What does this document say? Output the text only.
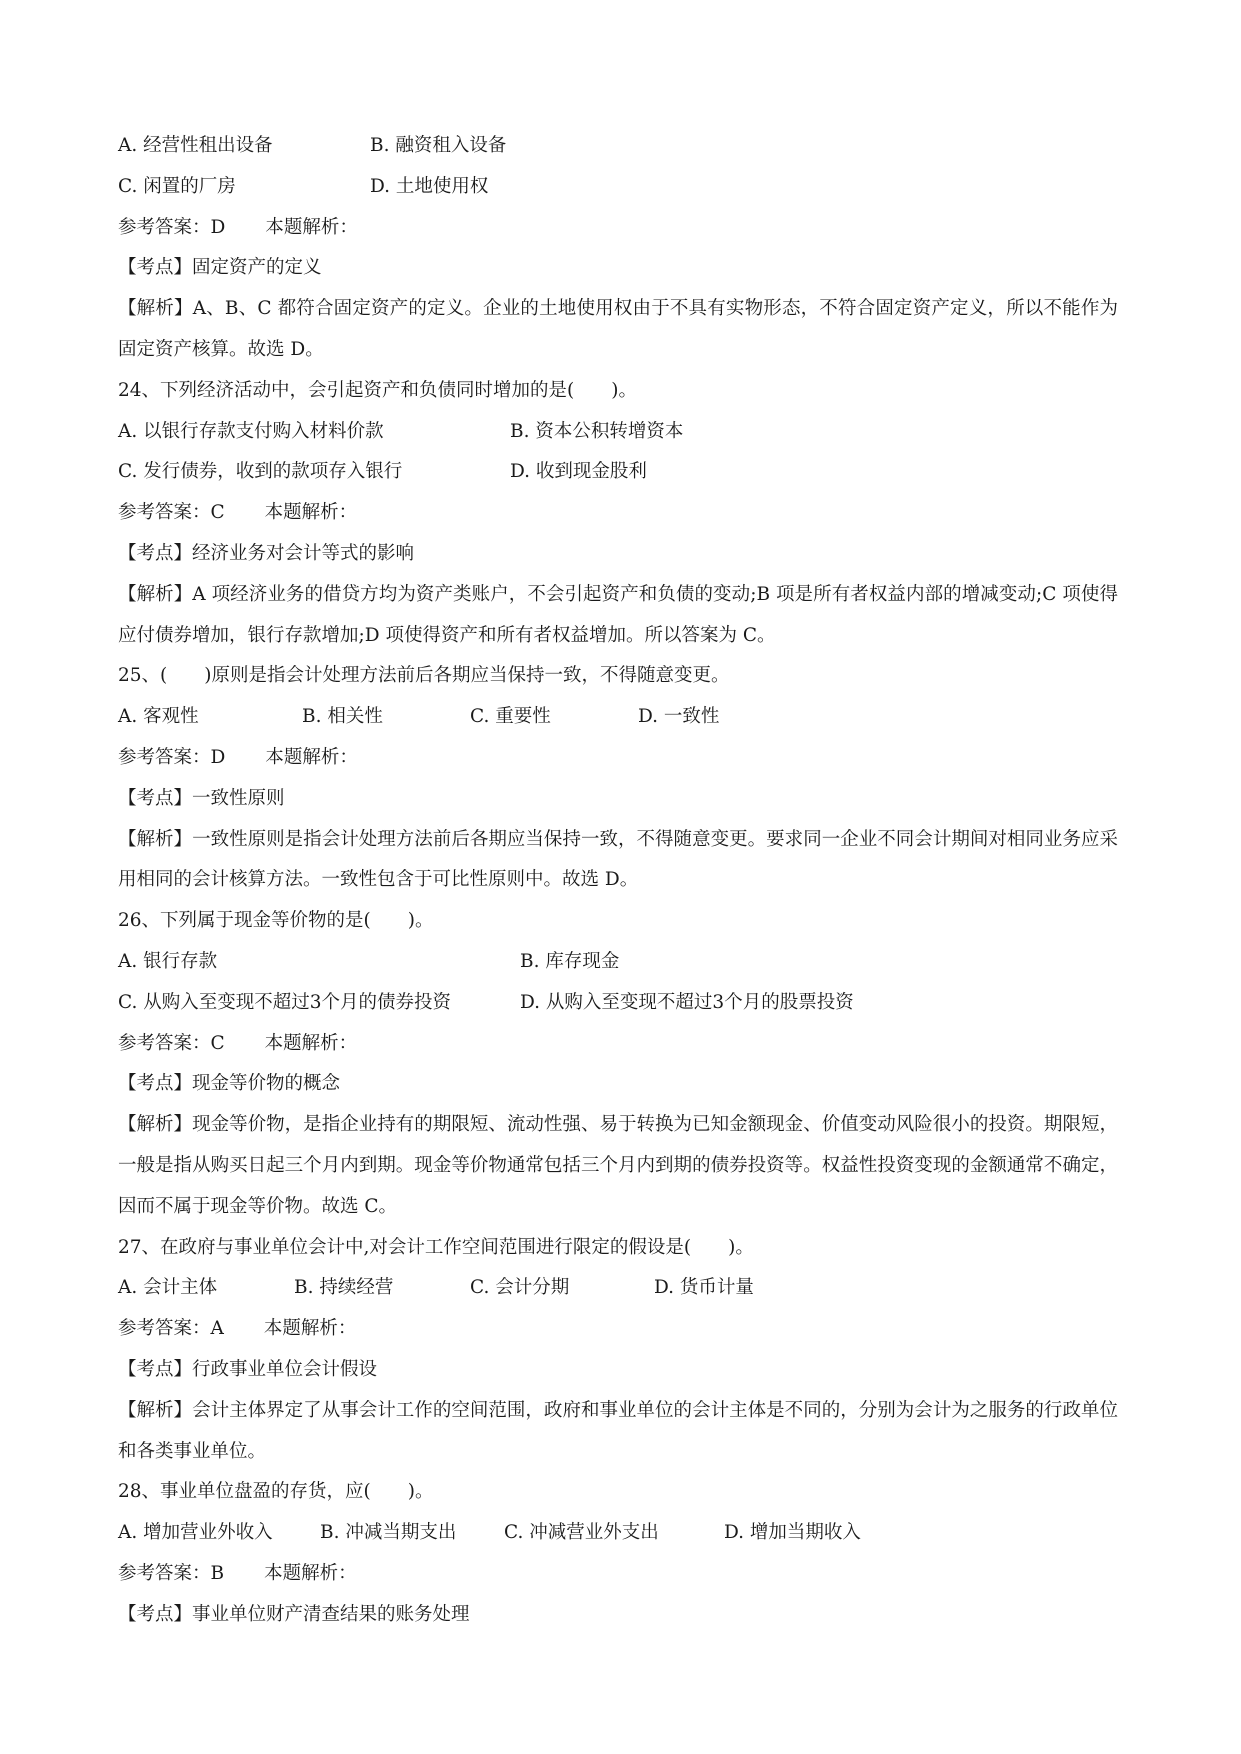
A. 经营性租出设备	B. 融资租入设备
C. 闲置的厂房	D. 土地使用权
参考答案：D 本题解析：
【考点】固定资产的定义
【解析】A、B、C 都符合固定资产的定义。企业的土地使用权由于不具有实物形态，不符合固定资产定义，所以不能作为固定资产核算。故选 D。
24、下列经济活动中，会引起资产和负债同时增加的是(　　)。
A. 以银行存款支付购入材料价款	B. 资本公积转增资本
C. 发行债券，收到的款项存入银行	D. 收到现金股利
参考答案：C 本题解析：
【考点】经济业务对会计等式的影响
【解析】A 项经济业务的借贷方均为资产类账户，不会引起资产和负债的变动;B 项是所有者权益内部的增减变动;C 项使得应付债券增加，银行存款增加;D 项使得资产和所有者权益增加。所以答案为 C。
25、(　　)原则是指会计处理方法前后各期应当保持一致，不得随意变更。
A. 客观性	B. 相关性	C. 重要性	D. 一致性
参考答案：D 本题解析：
【考点】一致性原则
【解析】一致性原则是指会计处理方法前后各期应当保持一致，不得随意变更。要求同一企业不同会计期间对相同业务应采用相同的会计核算方法。一致性包含于可比性原则中。故选 D。
26、下列属于现金等价物的是(　　)。
A. 银行存款	B. 库存现金
C. 从购入至变现不超过3个月的债券投资	D. 从购入至变现不超过3个月的股票投资
参考答案：C 本题解析：
【考点】现金等价物的概念
【解析】现金等价物，是指企业持有的期限短、流动性强、易于转换为已知金额现金、价值变动风险很小的投资。期限短，一般是指从购买日起三个月内到期。现金等价物通常包括三个月内到期的债券投资等。权益性投资变现的金额通常不确定，因而不属于现金等价物。故选 C。
27、在政府与事业单位会计中,对会计工作空间范围进行限定的假设是(　　)。
A. 会计主体	B. 持续经营	C. 会计分期	D. 货币计量
参考答案：A 本题解析：
【考点】行政事业单位会计假设
【解析】会计主体界定了从事会计工作的空间范围，政府和事业单位的会计主体是不同的，分别为会计为之服务的行政单位和各类事业单位。
28、事业单位盘盈的存货，应(　　)。
A. 增加营业外收入	B. 冲减当期支出	C. 冲减营业外支出	D. 增加当期收入
参考答案：B 本题解析：
【考点】事业单位财产清查结果的账务处理
